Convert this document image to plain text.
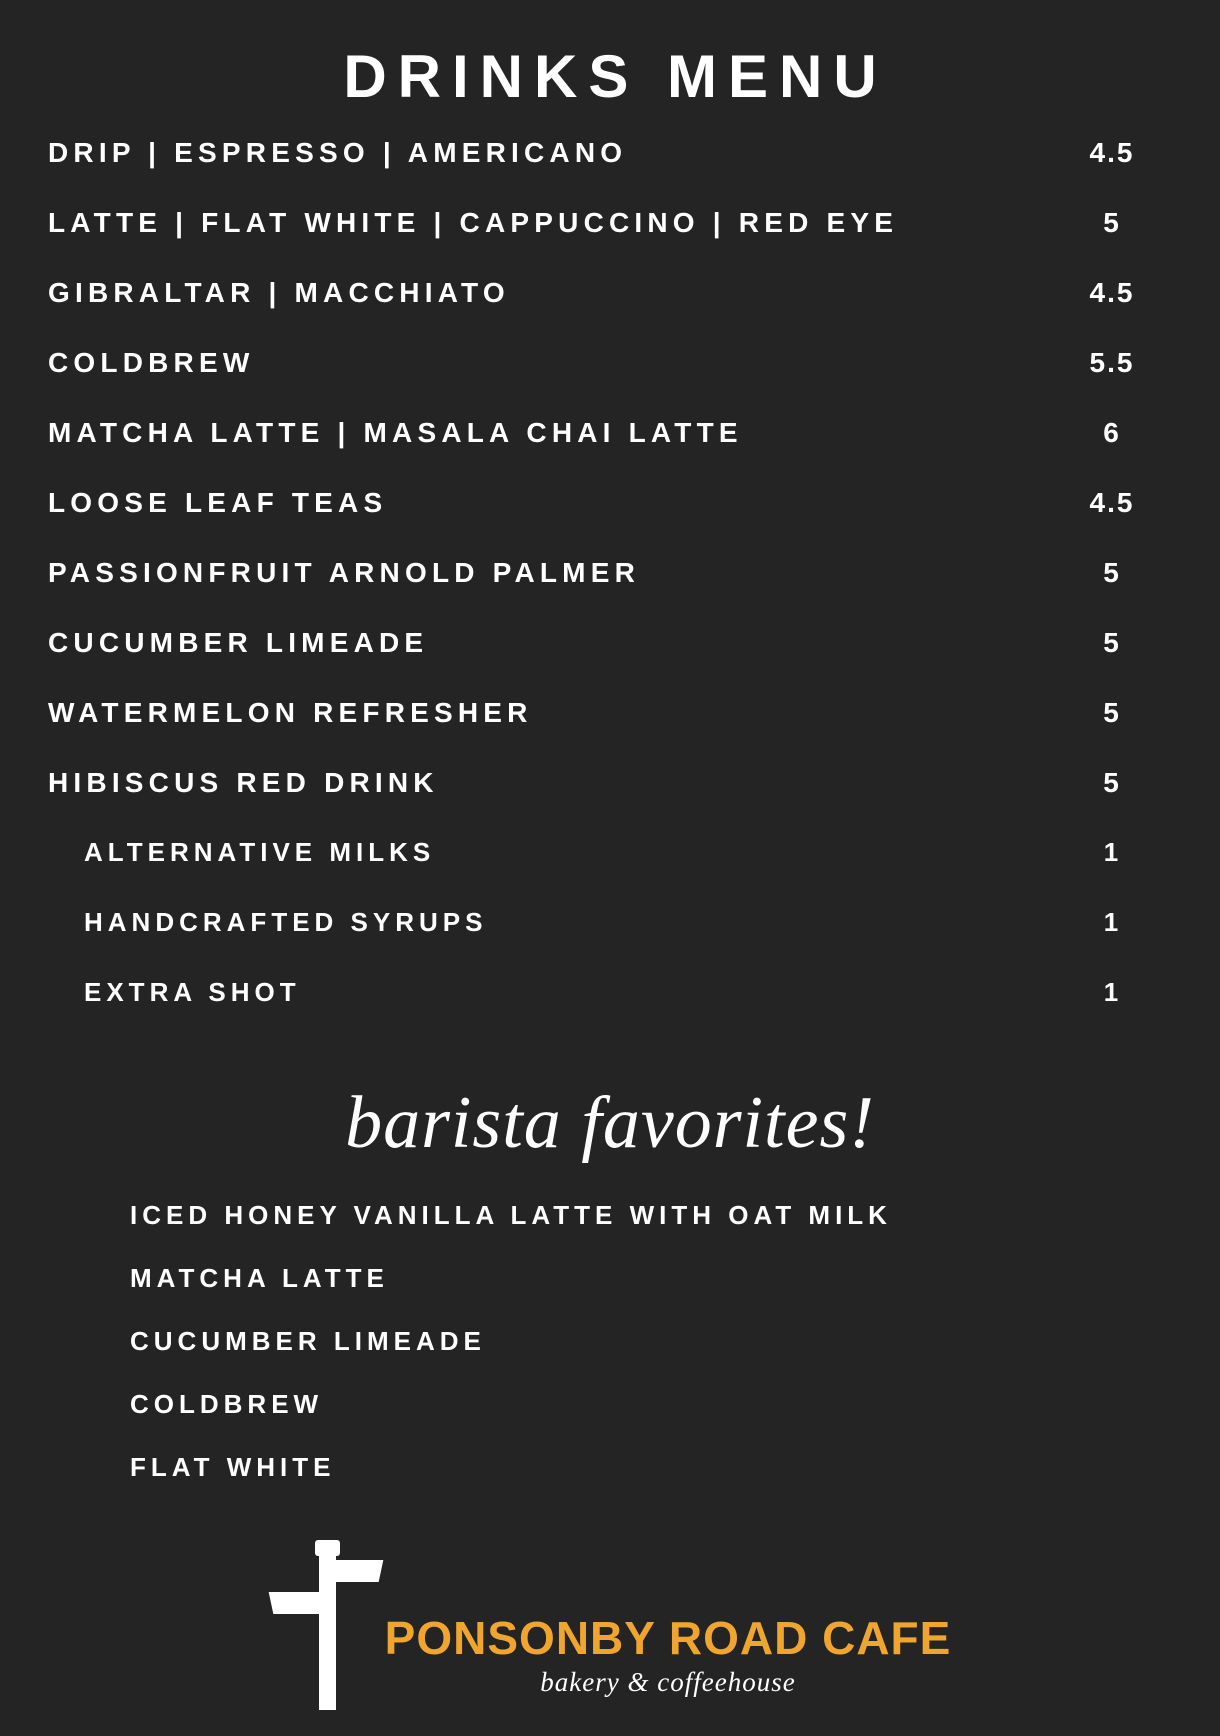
DRINKS MENU
DRIP | ESPRESSO | AMERICANO	4.5
LATTE | FLAT WHITE | CAPPUCCINO | RED EYE	5
GIBRALTAR | MACCHIATO	4.5
COLDBREW	5.5
MATCHA LATTE | MASALA CHAI LATTE	6
LOOSE LEAF TEAS	4.5
PASSIONFRUIT ARNOLD PALMER	5
CUCUMBER LIMEADE	5
WATERMELON REFRESHER	5
HIBISCUS RED DRINK	5
ALTERNATIVE MILKS	1
HANDCRAFTED SYRUPS	1
EXTRA SHOT	1
barista favorites!
ICED HONEY VANILLA LATTE WITH OAT MILK
MATCHA LATTE
CUCUMBER LIMEADE
COLDBREW
FLAT WHITE
PONSONBY ROAD CAFE
bakery & coffeehouse
